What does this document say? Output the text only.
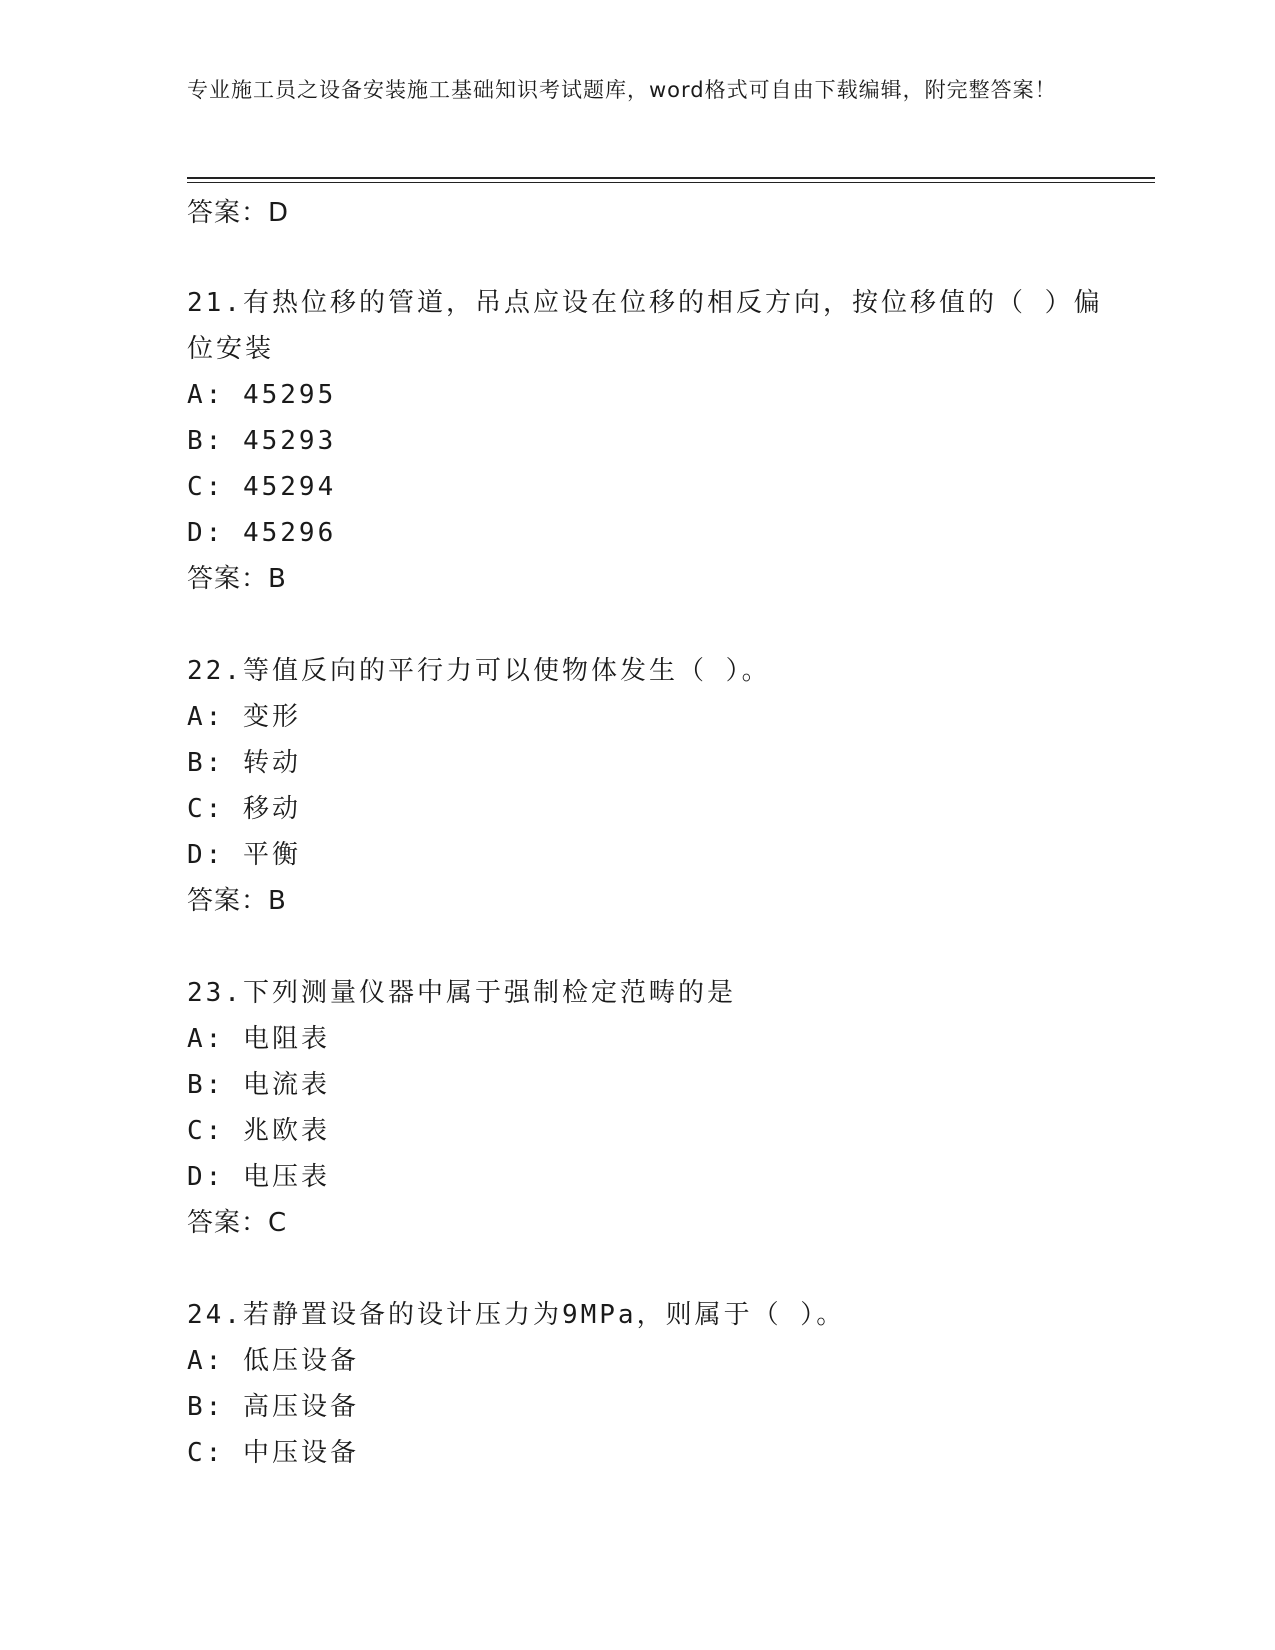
专业施工员之设备安装施工基础知识考试题库，word格式可自由下载编辑，附完整答案！
答案：D
21.有热位移的管道，吊点应设在位移的相反方向，按位移值的（ ）偏位安装
A: 45295
B: 45293
C: 45294
D: 45296
答案：B
22.等值反向的平行力可以使物体发生（ ）。
A: 变形
B: 转动
C: 移动
D: 平衡
答案：B
23.下列测量仪器中属于强制检定范畴的是
A: 电阻表
B: 电流表
C: 兆欧表
D: 电压表
答案：C
24.若静置设备的设计压力为9MPa，则属于（ ）。
A: 低压设备
B: 高压设备
C: 中压设备
